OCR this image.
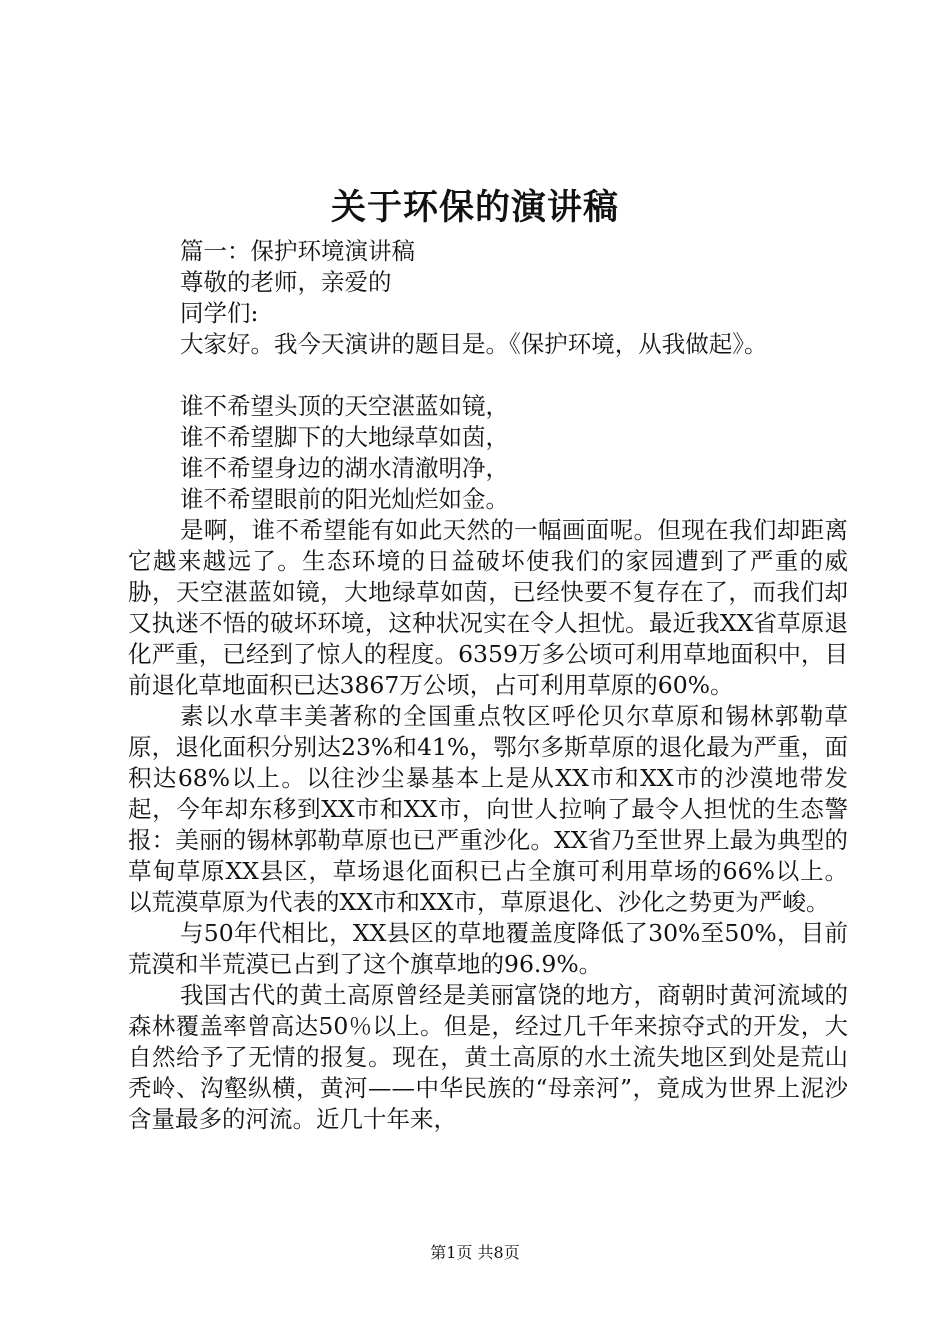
关于环保的演讲稿

篇一：保护环境演讲稿

尊敬的老师，亲爱的

同学们:

大家好。我今天演讲的题目是。《保护环境，从我做起》。

谁不希望头顶的天空湛蓝如镜，

谁不希望脚下的大地绿草如茵，

谁不希望身边的湖水清澈明净，

谁不希望眼前的阳光灿烂如金。

是啊，谁不希望能有如此天然的一幅画面呢。但现在我们却距离它越来越远了。生态环境的日益破坏使我们的家园遭到了严重的威胁，天空湛蓝如镜，大地绿草如茵，已经快要不复存在了，而我们却又执迷不悟的破坏环境，这种状况实在令人担忧。最近我XX省草原退化严重，已经到了惊人的程度。6359万多公顷可利用草地面积中，目前退化草地面积已达3867万公顷，占可利用草原的60%。

素以水草丰美著称的全国重点牧区呼伦贝尔草原和锡林郭勒草原，退化面积分别达23%和41%，鄂尔多斯草原的退化最为严重，面积达68%以上。以往沙尘暴基本上是从XX市和XX市的沙漠地带发起，今年却东移到XX市和XX市，向世人拉响了最令人担忧的生态警报：美丽的锡林郭勒草原也已严重沙化。XX省乃至世界上最为典型的草甸草原XX县区，草场退化面积已占全旗可利用草场的66%以上。以荒漠草原为代表的XX市和XX市，草原退化、沙化之势更为严峻。

与50年代相比，XX县区的草地覆盖度降低了30%至50%，目前荒漠和半荒漠已占到了这个旗草地的96.9%。

我国古代的黄土高原曾经是美丽富饶的地方，商朝时黄河流域的森林覆盖率曾高达50％以上。但是，经过几千年来掠夺式的开发，大自然给予了无情的报复。现在，黄土高原的水土流失地区到处是荒山秃岭、沟壑纵横，黄河——中华民族的“母亲河”，竟成为世界上泥沙含量最多的河流。近几十年来，

第1页 共8页
